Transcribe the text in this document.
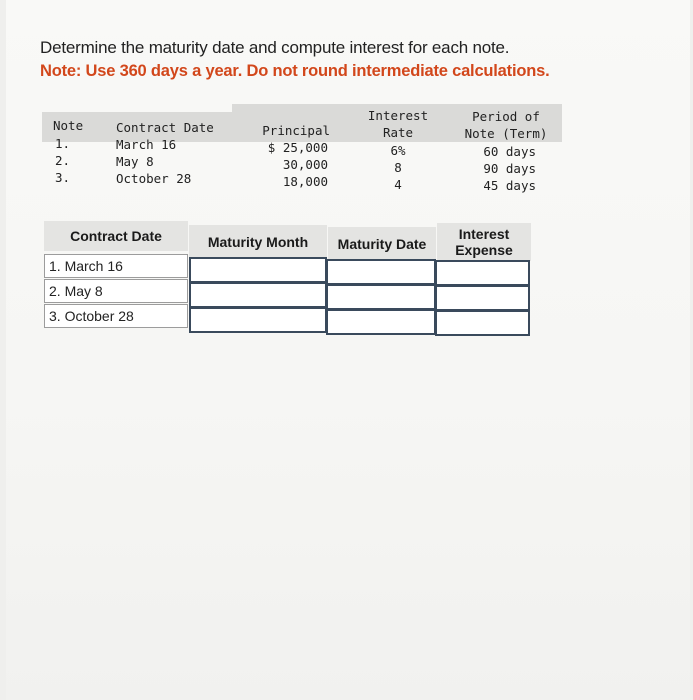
Determine the maturity date and compute interest for each note.
Note: Use 360 days a year. Do not round intermediate calculations.
Note	Contract Date	Principal
Interest
Rate
Period of
Note (Term)
1.	March 16	$ 25,000	6%	60 days
2.	May 8	30,000	8	90 days
3.	October 28	18,000	4	45 days
Contract Date	Maturity Month	Maturity Date
Interest
Expense
1. March 16
2. May 8
3. October 28
